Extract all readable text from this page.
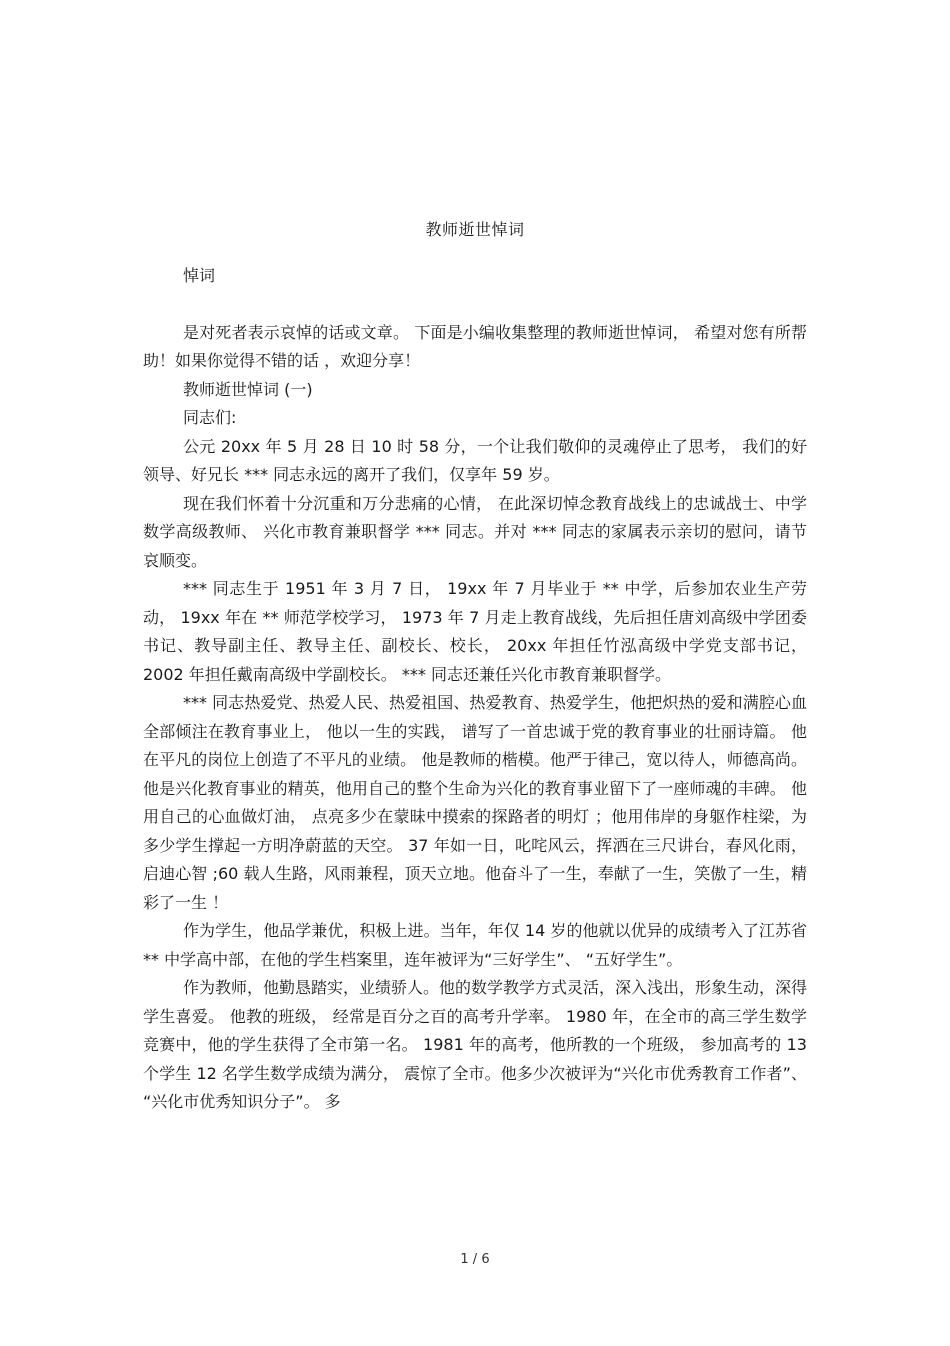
教师逝世悼词

悼词

是对死者表示哀悼的话或文章。 下面是小编收集整理的教师逝世悼词， 希望对您有所帮助！如果你觉得不错的话 ，欢迎分享！

教师逝世悼词 (一)

同志们:

公元 20xx 年 5 月 28 日 10 时 58 分，一个让我们敬仰的灵魂停止了思考， 我们的好领导、好兄长 *** 同志永远的离开了我们，仅享年 59 岁。

现在我们怀着十分沉重和万分悲痛的心情， 在此深切悼念教育战线上的忠诚战士、中学数学高级教师、 兴化市教育兼职督学 *** 同志。并对 *** 同志的家属表示亲切的慰问，请节哀顺变。

*** 同志生于 1951 年 3 月 7 日， 19xx 年 7 月毕业于 ** 中学，后参加农业生产劳动， 19xx 年在 ** 师范学校学习， 1973 年 7 月走上教育战线，先后担任唐刘高级中学团委书记、教导副主任、教导主任、副校长、校长， 20xx 年担任竹泓高级中学党支部书记， 2002 年担任戴南高级中学副校长。 *** 同志还兼任兴化市教育兼职督学。

*** 同志热爱党、热爱人民、热爱祖国、热爱教育、热爱学生，他把炽热的爱和满腔心血全部倾注在教育事业上， 他以一生的实践， 谱写了一首忠诚于党的教育事业的壮丽诗篇。 他在平凡的岗位上创造了不平凡的业绩。 他是教师的楷模。他严于律己，宽以待人，师德高尚。他是兴化教育事业的精英，他用自己的整个生命为兴化的教育事业留下了一座师魂的丰碑。 他用自己的心血做灯油， 点亮多少在蒙昧中摸索的探路者的明灯 ；他用伟岸的身躯作柱梁，为多少学生撑起一方明净蔚蓝的天空。 37 年如一日，叱咤风云，挥洒在三尺讲台，春风化雨，启迪心智 ;60 载人生路，风雨兼程，顶天立地。他奋斗了一生，奉献了一生，笑傲了一生，精彩了一生 ！

作为学生，他品学兼优，积极上进。当年，年仅 14 岁的他就以优异的成绩考入了江苏省 ** 中学高中部，在他的学生档案里，连年被评为“三好学生”、 “五好学生”。

作为教师，他勤恳踏实，业绩骄人。他的数学教学方式灵活，深入浅出，形象生动，深得学生喜爱。 他教的班级， 经常是百分之百的高考升学率。 1980 年，在全市的高三学生数学竞赛中，他的学生获得了全市第一名。 1981 年的高考，他所教的一个班级， 参加高考的 13 个学生 12 名学生数学成绩为满分， 震惊了全市。他多少次被评为“兴化市优秀教育工作者”、 “兴化市优秀知识分子”。 多

1 / 6
